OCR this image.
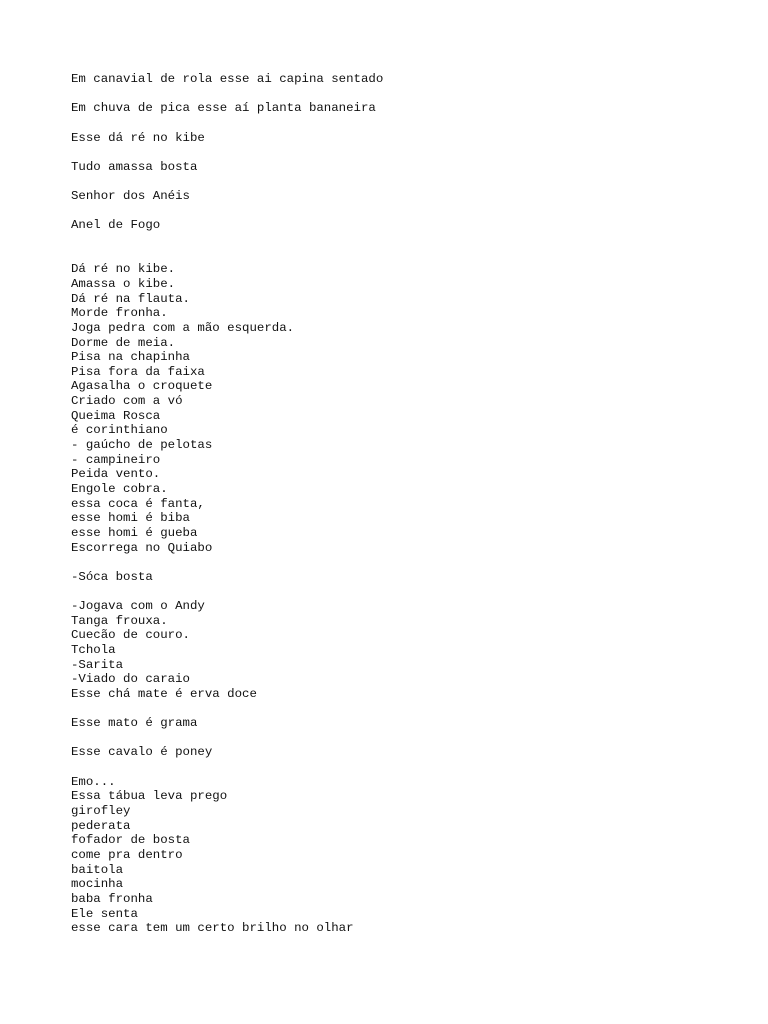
Em canavial de rola esse ai capina sentado
Em chuva de pica esse aí planta bananeira
Esse dá ré no kibe
Tudo amassa bosta
Senhor dos Anéis
Anel de Fogo
Dá ré no kibe.
Amassa o kibe.
Dá ré na flauta.
Morde fronha.
Joga pedra com a mão esquerda.
Dorme de meia.
Pisa na chapinha
Pisa fora da faixa
Agasalha o croquete
Criado com a vó
Queima Rosca
é corinthiano
- gaúcho de pelotas
- campineiro
Peida vento.
Engole cobra.
essa coca é fanta,
esse homi é biba
esse homi é gueba
Escorrega no Quiabo
-Sóca bosta
-Jogava com o Andy
Tanga frouxa.
Cuecão de couro.
Tchola
-Sarita
-Viado do caraio
Esse chá mate é erva doce
Esse mato é grama
Esse cavalo é poney
Emo...
Essa tábua leva prego
girofley
pederata
fofador de bosta
come pra dentro
baitola
mocinha
baba fronha
Ele senta
esse cara tem um certo brilho no olhar
